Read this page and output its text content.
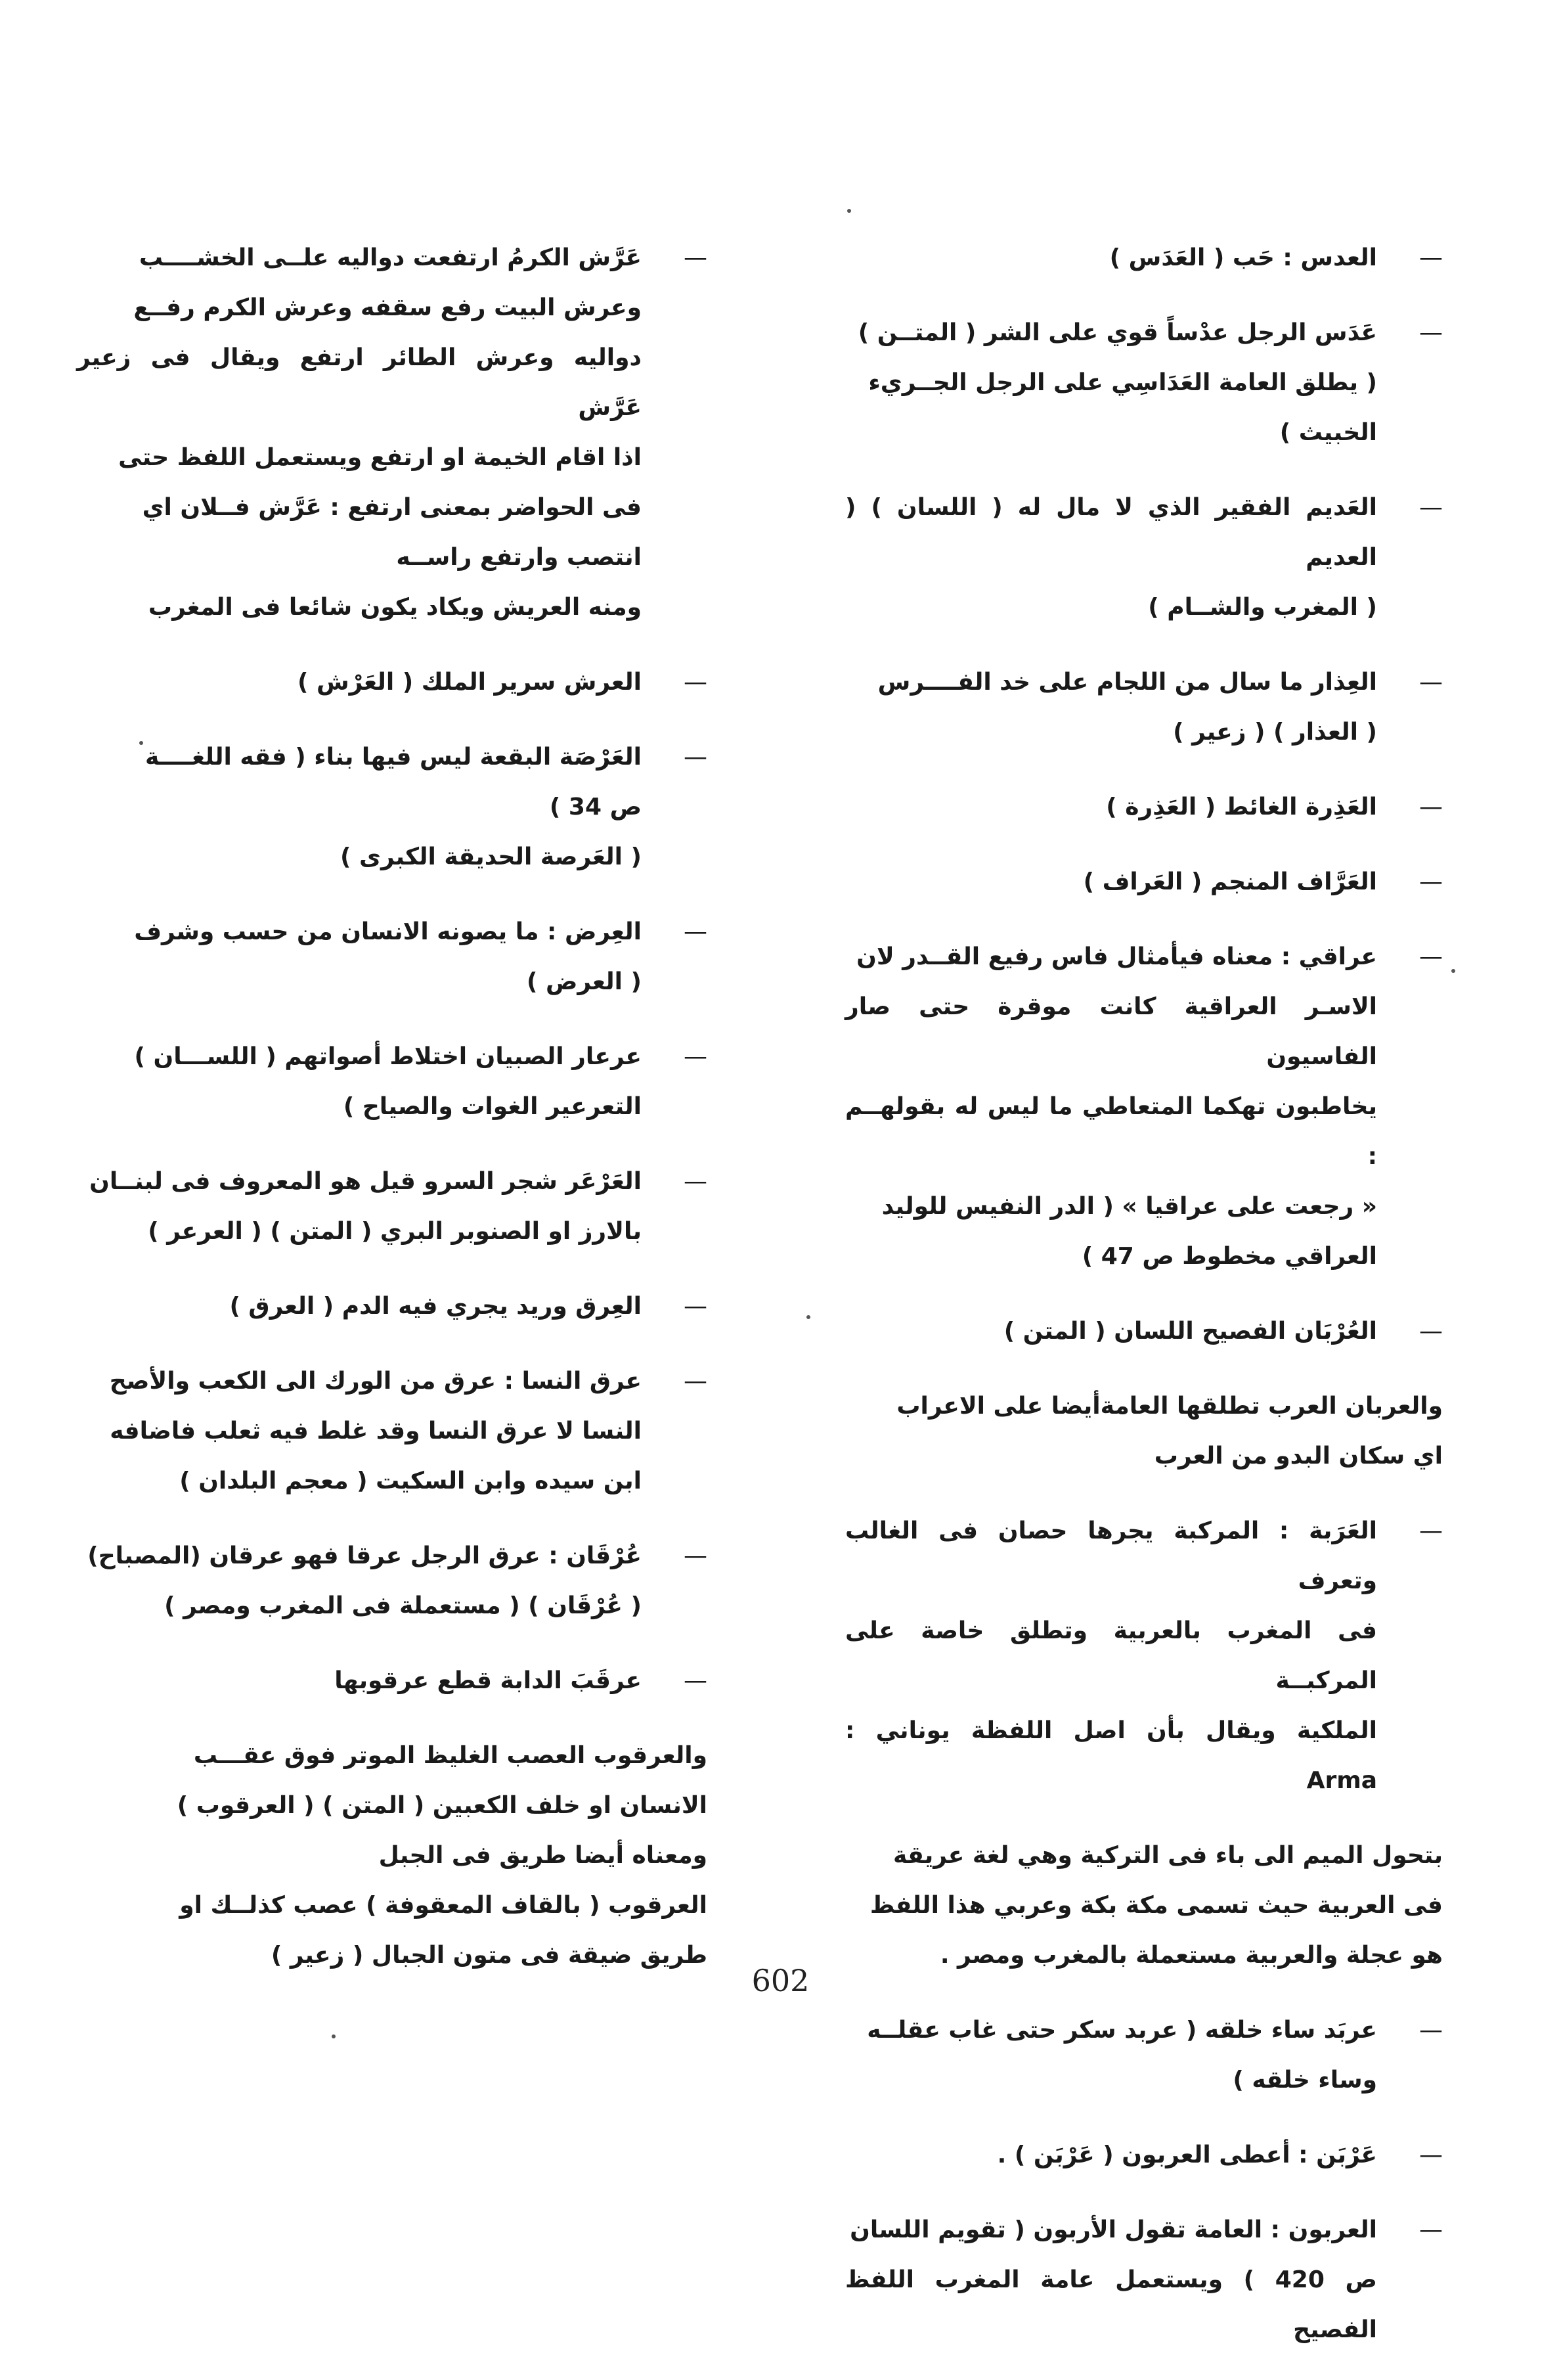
—
العدس : حَب ( العَدَس )
—
عَدَس الرجل عدْساً قوي على الشر ( المتــن )
( يطلق العامة العَدَاسِي على الرجل الجــريء
الخبيث )
—
العَديم الفقير الذي لا مال له ( اللسان ) ( العديم
( المغرب والشــام )
—
العِذار ما سال من اللجام على خد الفــــرس
( العذار ) ( زعير )
—
العَذِرة الغائط ( العَذِرة )
—
العَرَّاف المنجم ( العَراف )
—
عراقي : معناه فيأمثال فاس رفيع القــدر لان
الاسـر العراقية كانت موقرة حتى صار الفاسيون
يخاطبون تهكما المتعاطي ما ليس له بقولهــم :
« رجعت على عراقيا » ( الدر النفيس للوليد
العراقي مخطوط ص 47 )
—
العُرْبَان الفصيح اللسان ( المتن )
والعربان العرب تطلقها العامةأيضا على الاعراب
اي سكان البدو من العرب
—
العَرَبة : المركبة يجرها حصان فى الغالب وتعرف
فى المغرب بالعربية وتطلق خاصة على المركبــة
الملكية ويقال بأن اصل اللفظة يوناني : Arma
بتحول الميم الى باء فى التركية وهي لغة عريقة
فى العربية حيث تسمى مكة بكة وعربي هذا اللفظ
هو عجلة والعربية مستعملة بالمغرب ومصر .
—
عربَد ساء خلقه ( عربد سكر حتى غاب عقلــه
وساء خلقه )
—
عَرْبَن : أعطى العربون ( عَرْبَن ) .
—
العربون : العامة تقول الأربون ( تقويم اللسان
ص 420 ) ويستعمل عامة المغرب اللفظ الفصيح
—
عَرَّش الكرمُ ارتفعت دواليه علــى الخشــــب
وعرش البيت رفع سقفه وعرش الكرم رفــع
دواليه وعرش الطائر ارتفع ويقال فى زعير عَرَّش
اذا اقام الخيمة او ارتفع ويستعمل اللفظ حتى
فى الحواضر بمعنى ارتفع : عَرَّش فــلان اي
انتصب وارتفع راســه
ومنه العريش ويكاد يكون شائعا فى المغرب
—
العرش سرير الملك ( العَرْش )
—
العَرْصَة البقعة ليس فيها بناء ( فقه اللغــــة
ص 34 )
( العَرصة الحديقة الكبرى )
—
العِرض : ما يصونه الانسان من حسب وشرف
( العرض )
—
عرعار الصبيان اختلاط أصواتهم ( اللســـان )
التعرعير الغوات والصياح )
—
العَرْعَر شجر السرو قيل هو المعروف فى لبنــان
بالارز او الصنوبر البري ( المتن ) ( العرعر )
—
العِرق وريد يجري فيه الدم ( العرق )
—
عرق النسا : عرق من الورك الى الكعب والأصح
النسا لا عرق النسا وقد غلط فيه ثعلب فاضافه
ابن سيده وابن السكيت ( معجم البلدان )
—
عُرْقَان : عرق الرجل عرقا فهو عرقان (المصباح)
( عُرْقَان ) ( مستعملة فى المغرب ومصر )
—
عرقَبَ الدابة قطع عرقوبها
والعرقوب العصب الغليظ الموتر فوق عقـــب
الانسان او خلف الكعبين ( المتن ) ( العرقوب )
ومعناه أيضا طريق فى الجبل
العرقوب ( بالقاف المعقوفة ) عصب كذلــك او
طريق ضيقة فى متون الجبال ( زعير )
602
